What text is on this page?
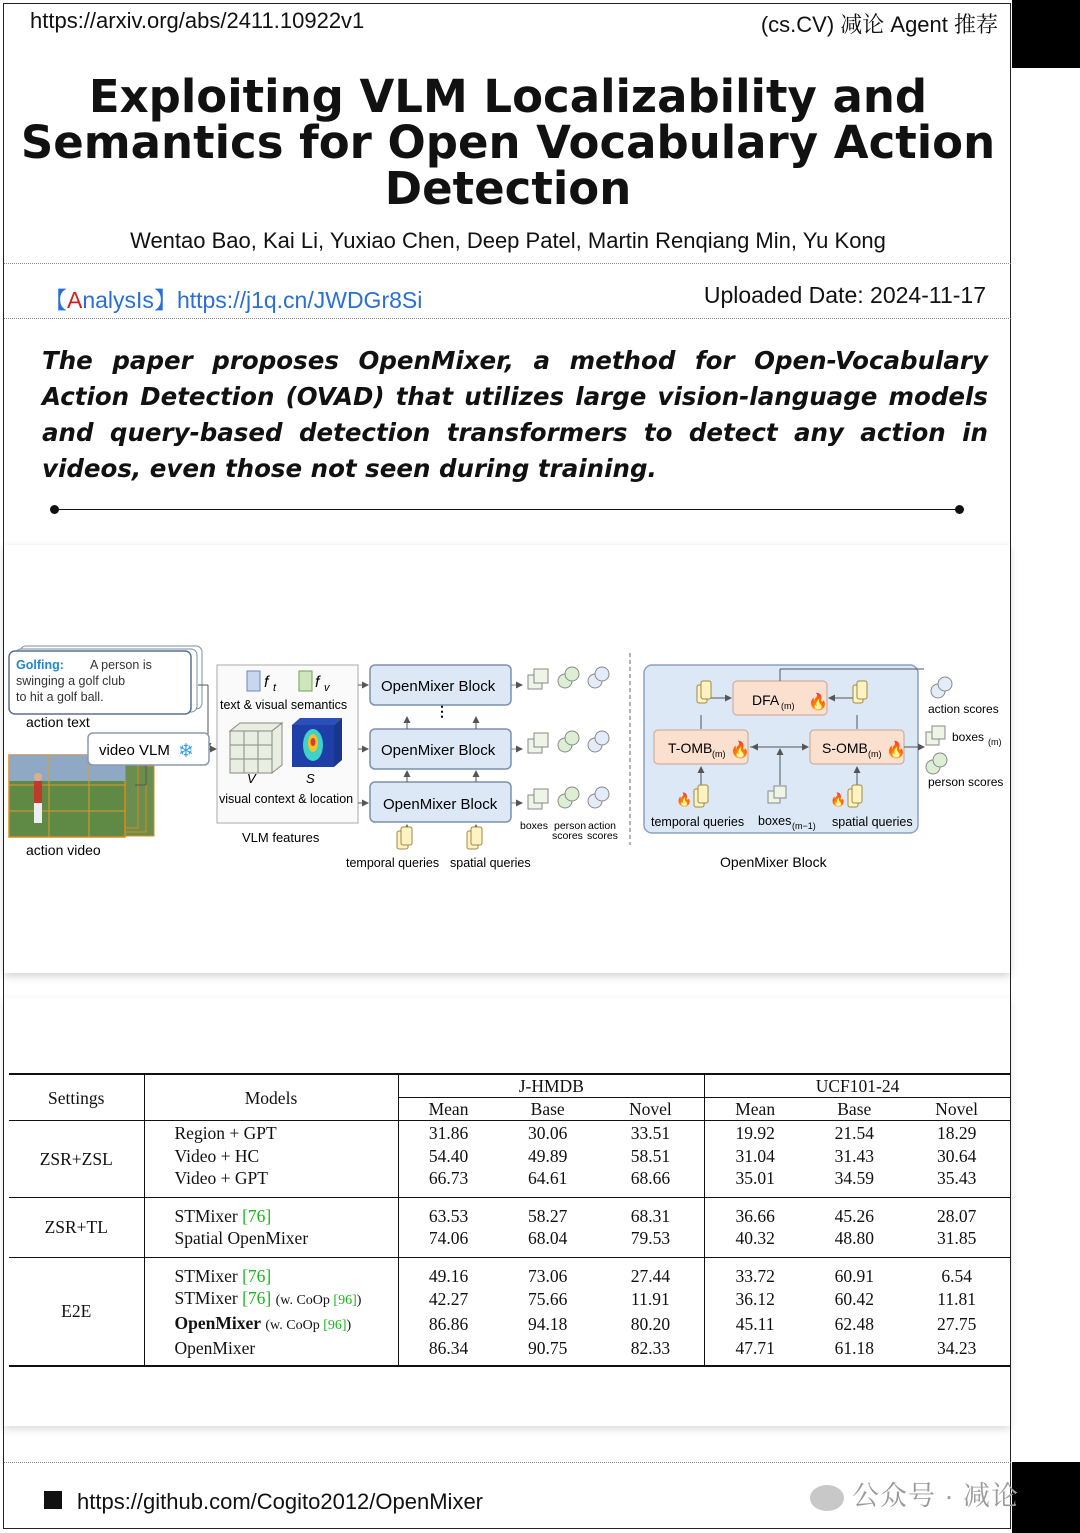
https://arxiv.org/abs/2411.10922v1	(cs.CV) 减论 Agent 推荐
Exploiting VLM Localizability and
Semantics for Open Vocabulary Action
Detection
Wentao Bao, Kai Li, Yuxiao Chen, Deep Patel, Martin Renqiang Min, Yu Kong
【AnalysIs】https://j1q.cn/JWDGr8Si	Uploaded Date: 2024-11-17
The paper proposes OpenMixer, a method for Open-Vocabulary Action Detection (OVAD) that utilizes large vision-language models and query-based detection transformers to detect any action in videos, even those not seen during training.
Golfing: A person is
swinging a golf club
to hit a golf ball.
action text
action video
video VLM ❄
f t f v
text & visual semantics
V	S
visual context & location
VLM features
OpenMixer Block
OpenMixer Block
OpenMixer Block
⋮
temporal queries spatial queries
boxes person
scores
action
scores
DFA (m) 🔥
T-OMB (m) 🔥	S-OMB (m) 🔥
🔥	🔥
temporal queries boxes (m−1) spatial queries
OpenMixer Block
action scores
boxes (m)
person scores
Settings	Models	J-HMDB			UCF101-24		
		Mean	Base	Novel	Mean	Base	Novel
ZSR+ZSL	Region + GPT	31.86	30.06	33.51	19.92	21.54	18.29
	Video + HC	54.40	49.89	58.51	31.04	31.43	30.64
	Video + GPT	66.73	64.61	68.66	35.01	34.59	35.43
ZSR+TL	STMixer [76]	63.53	58.27	68.31	36.66	45.26	28.07
	Spatial OpenMixer	74.06	68.04	79.53	40.32	48.80	31.85
E2E	STMixer [76]	49.16	73.06	27.44	33.72	60.91	6.54
	STMixer [76] (w. CoOp [96])	42.27	75.66	11.91	36.12	60.42	11.81
	OpenMixer (w. CoOp [96])	86.86	94.18	80.20	45.11	62.48	27.75
	OpenMixer	86.34	90.75	82.33	47.71	61.18	34.23
https://github.com/Cogito2012/OpenMixer	公众号 · 减论
